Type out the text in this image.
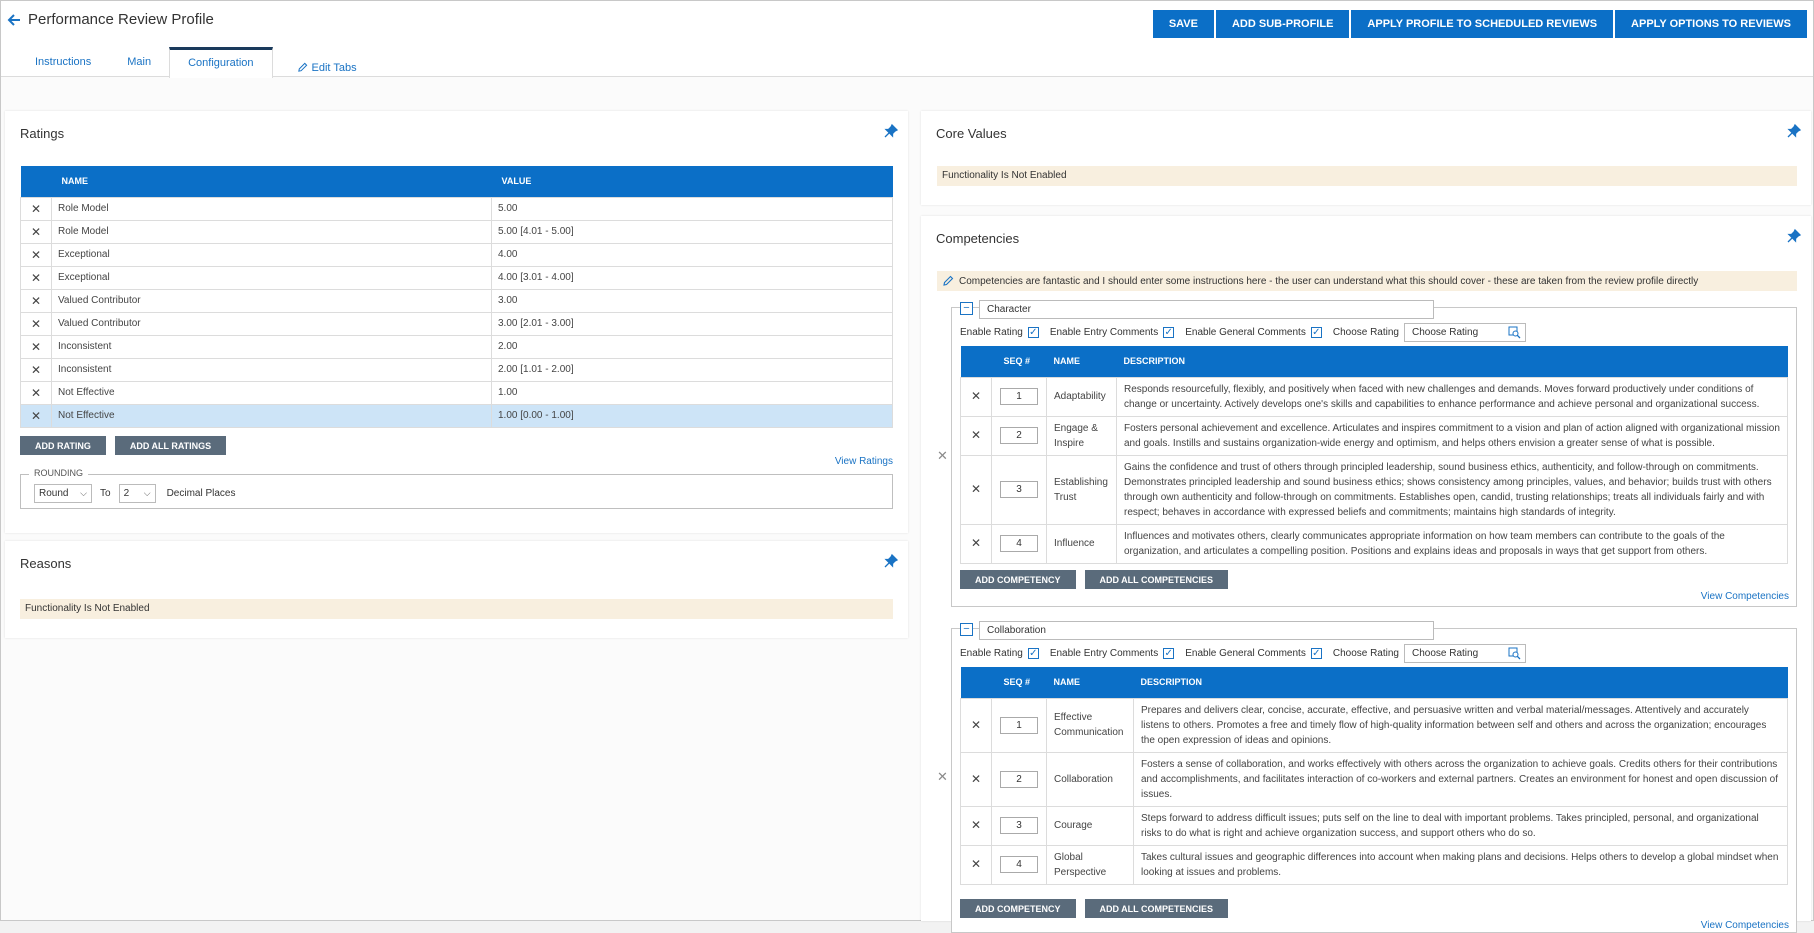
Performance Review Profile
Instructions	Main	Configuration	Edit Tabs
SAVE	ADD SUB-PROFILE	APPLY PROFILE TO SCHEDULED REVIEWS	APPLY OPTIONS TO REVIEWS
Ratings
	NAME	VALUE
✕	Role Model	5.00
✕	Role Model	5.00 [4.01 - 5.00]
✕	Exceptional	4.00
✕	Exceptional	4.00 [3.01 - 4.00]
✕	Valued Contributor	3.00
✕	Valued Contributor	3.00 [2.01 - 3.00]
✕	Inconsistent	2.00
✕	Inconsistent	2.00 [1.01 - 2.00]
✕	Not Effective	1.00
✕	Not Effective	1.00 [0.00 - 1.00]
ADD RATING	ADD ALL RATINGS
View Ratings
ROUNDING
Round ⌵ To 2 ⌵ Decimal Places
Reasons
Functionality Is Not Enabled
Core Values
Functionality Is Not Enabled
Competencies
Competencies are fantastic and I should enter some instructions here - the user can understand what this should cover - these are taken from the review profile directly
✕
−	Character
Enable Rating ✓ Enable Entry Comments ✓ Enable General Comments ✓ Choose Rating Choose Rating
	SEQ #	NAME	DESCRIPTION
✕	1	Adaptability	Responds resourcefully, flexibly, and positively when faced with new challenges and demands. Moves forward productively under conditions of change or uncertainty. Actively develops one's skills and capabilities to enhance performance and achieve personal and organizational success.
✕	2	Engage & Inspire	Fosters personal achievement and excellence. Articulates and inspires commitment to a vision and plan of action aligned with organizational mission and goals. Instills and sustains organization-wide energy and optimism, and helps others envision a greater sense of what is possible.
✕	3	Establishing Trust	Gains the confidence and trust of others through principled leadership, sound business ethics, authenticity, and follow-through on commitments. Demonstrates principled leadership and sound business ethics; shows consistency among principles, values, and behavior; builds trust with others through own authenticity and follow-through on commitments. Establishes open, candid, trusting relationships; treats all individuals fairly and with respect; behaves in accordance with expressed beliefs and commitments; maintains high standards of integrity.
✕	4	Influence	Influences and motivates others, clearly communicates appropriate information on how team members can contribute to the goals of the organization, and articulates a compelling position. Positions and explains ideas and proposals in ways that get support from others.
ADD COMPETENCY	ADD ALL COMPETENCIES
View Competencies
✕
−	Collaboration
Enable Rating ✓ Enable Entry Comments ✓ Enable General Comments ✓ Choose Rating Choose Rating
	SEQ #	NAME	DESCRIPTION
✕	1	Effective Communication	Prepares and delivers clear, concise, accurate, effective, and persuasive written and verbal material/messages. Attentively and accurately listens to others. Promotes a free and timely flow of high-quality information between self and others and across the organization; encourages the open expression of ideas and opinions.
✕	2	Collaboration	Fosters a sense of collaboration, and works effectively with others across the organization to achieve goals. Credits others for their contributions and accomplishments, and facilitates interaction of co-workers and external partners. Creates an environment for honest and open discussion of issues.
✕	3	Courage	Steps forward to address difficult issues; puts self on the line to deal with important problems. Takes principled, personal, and organizational risks to do what is right and achieve organization success, and support others who do so.
✕	4	Global Perspective	Takes cultural issues and geographic differences into account when making plans and decisions. Helps others to develop a global mindset when looking at issues and problems.
ADD COMPETENCY	ADD ALL COMPETENCIES
View Competencies
